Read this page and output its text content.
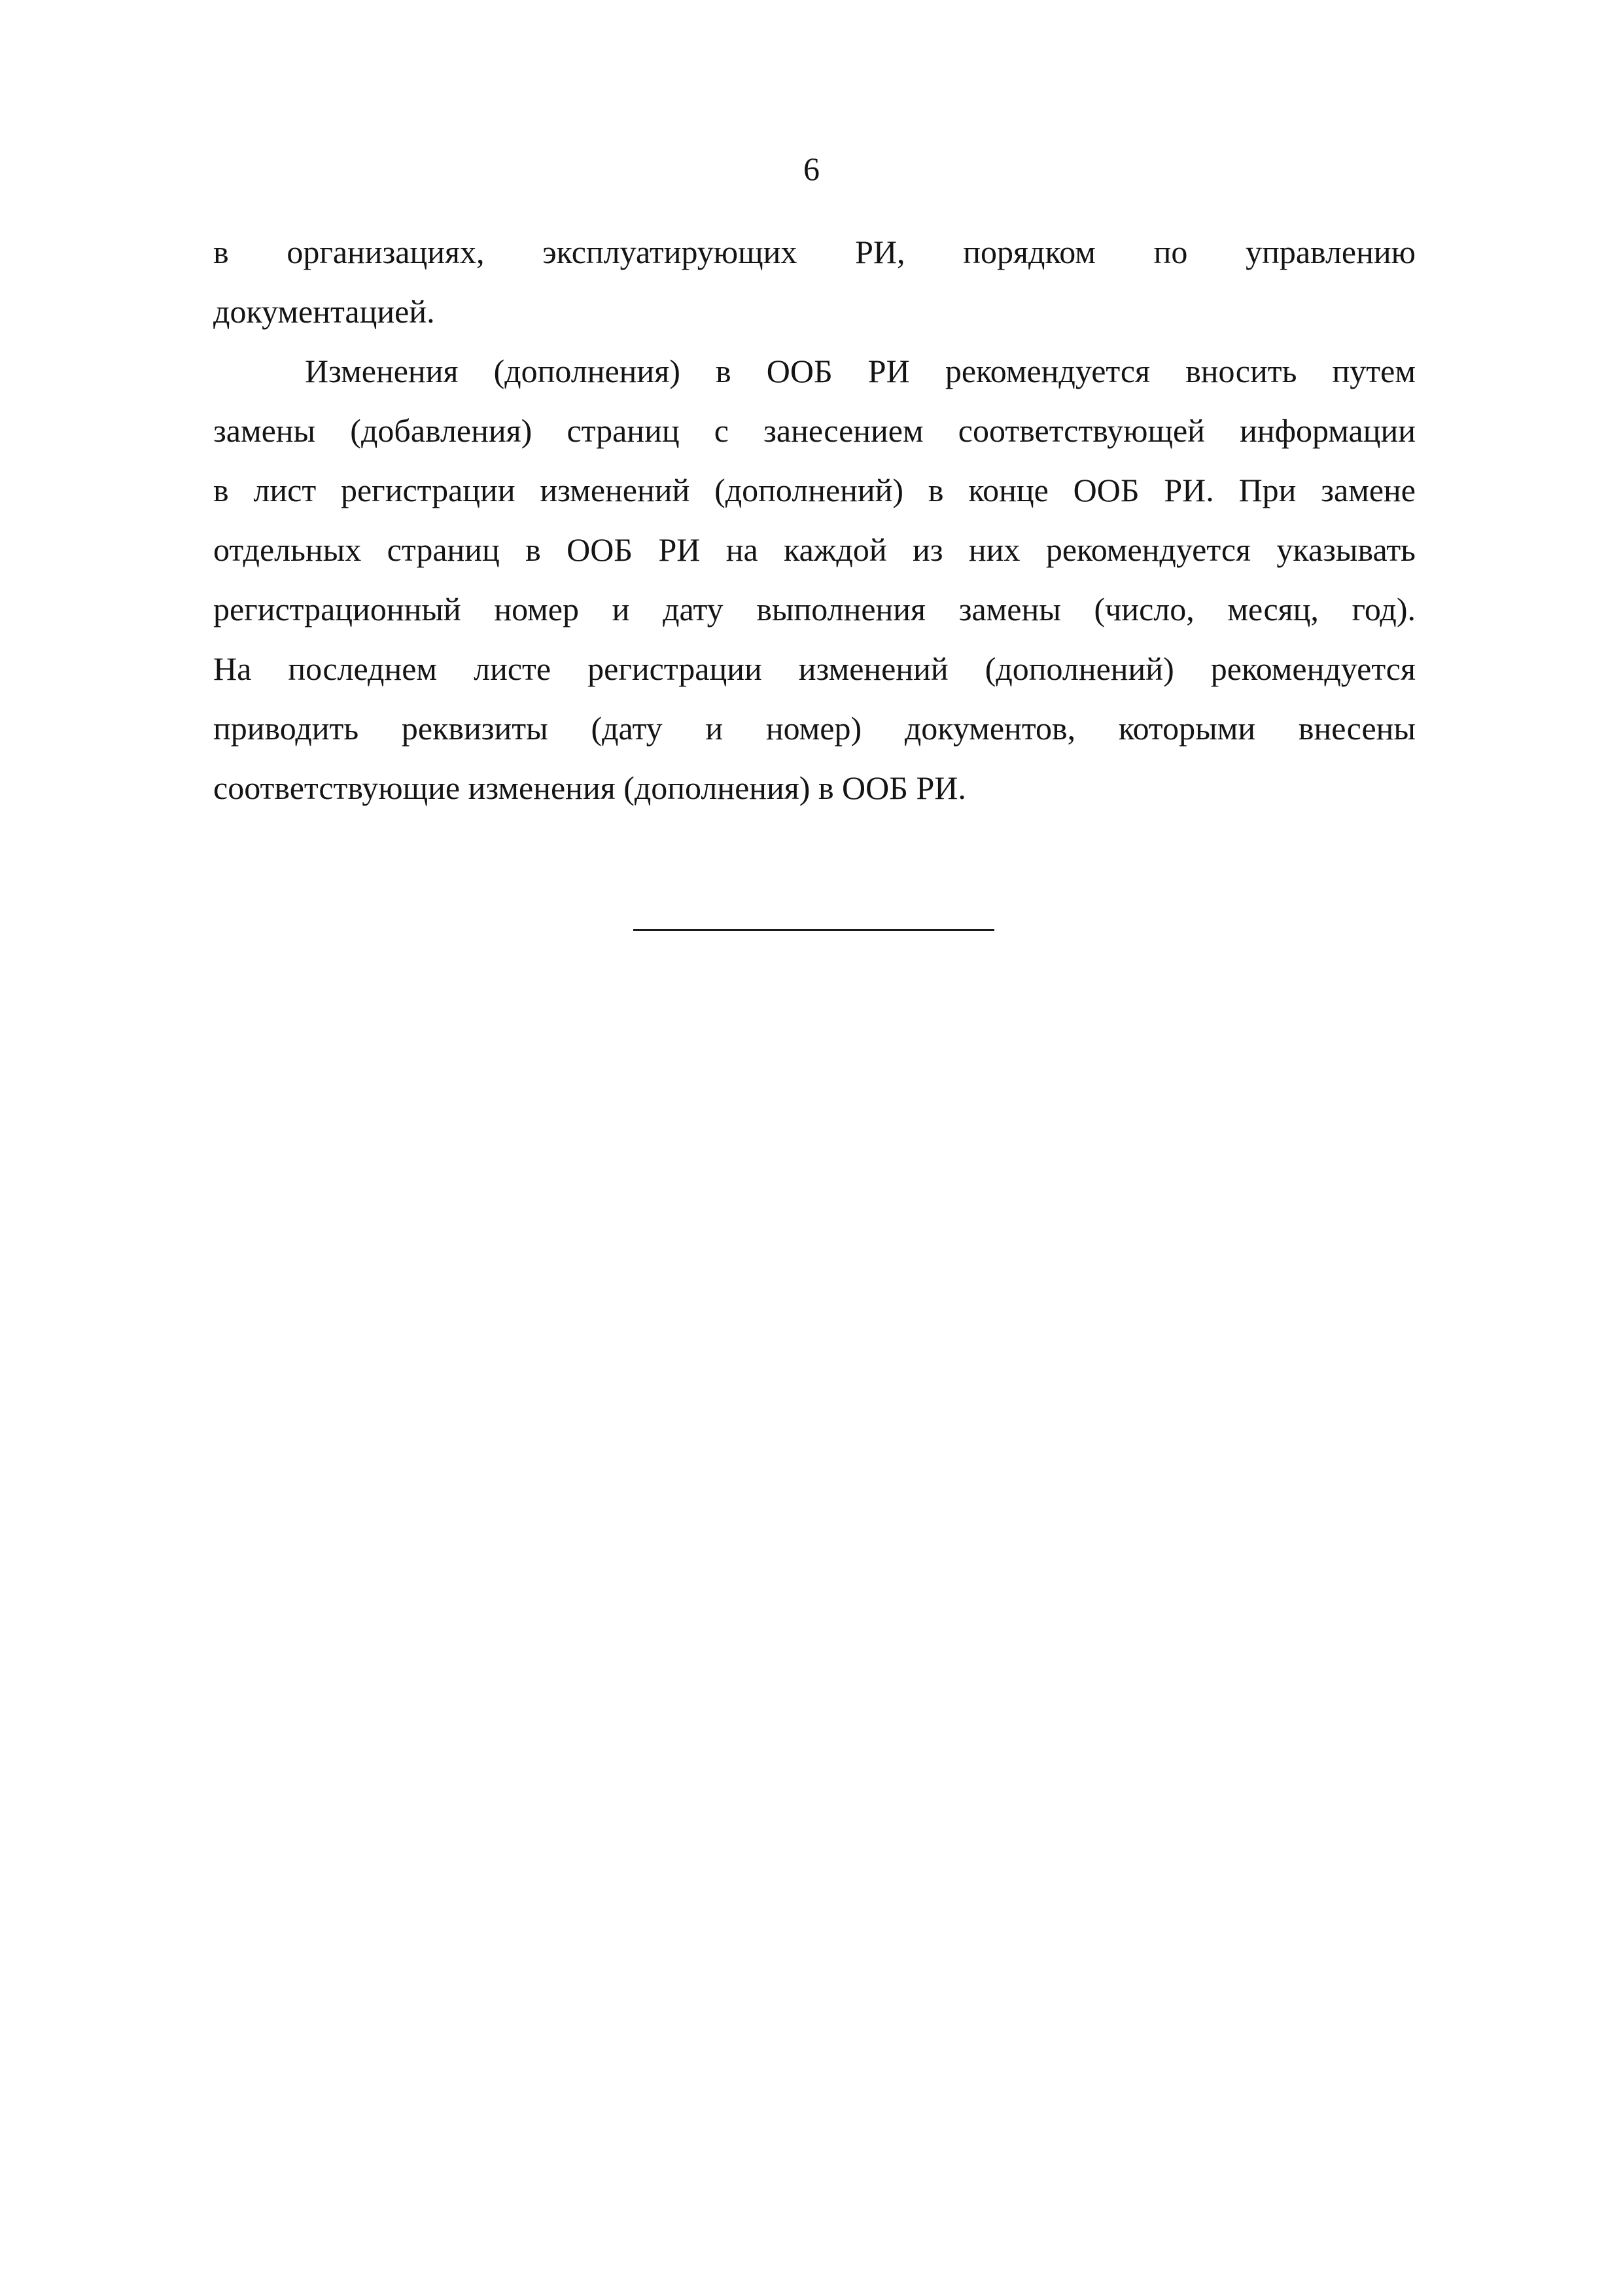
6
в организациях, эксплуатирующих РИ, порядком по управлению
документацией.
Изменения (дополнения) в ООБ РИ рекомендуется вносить путем
замены (добавления) страниц с занесением соответствующей информации
в лист регистрации изменений (дополнений) в конце ООБ РИ. При замене
отдельных страниц в ООБ РИ на каждой из них рекомендуется указывать
регистрационный номер и дату выполнения замены (число, месяц, год).
На последнем листе регистрации изменений (дополнений) рекомендуется
приводить реквизиты (дату и номер) документов, которыми внесены
соответствующие изменения (дополнения) в ООБ РИ.
